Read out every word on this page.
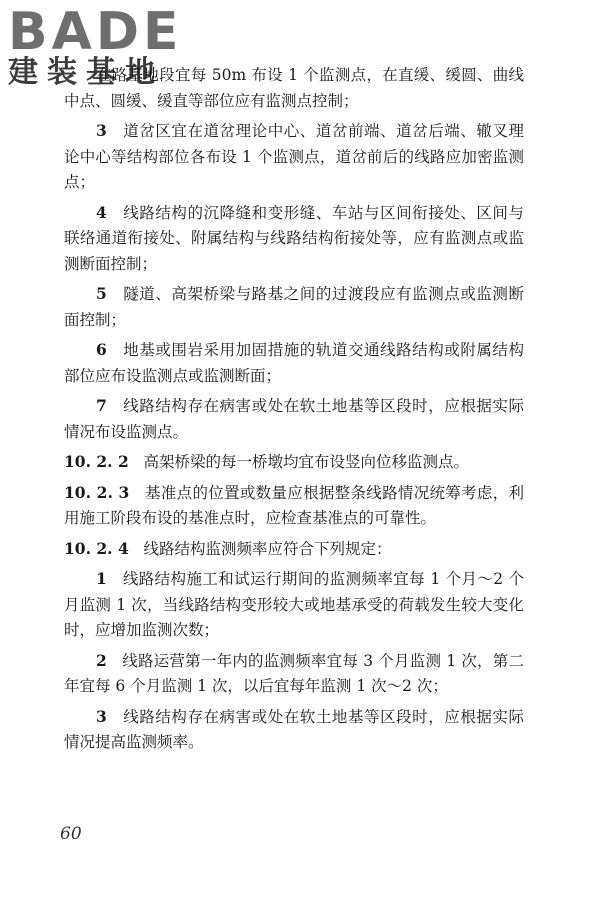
BADE
建装基地

在路基地段宜每 50m 布设 1 个监测点，在直缓、缓圆、曲线中点、圆缓、缓直等部位应有监测点控制；

3 道岔区宜在道岔理论中心、道岔前端、道岔后端、辙叉理论中心等结构部位各布设 1 个监测点，道岔前后的线路应加密监测点；

4 线路结构的沉降缝和变形缝、车站与区间衔接处、区间与联络通道衔接处、附属结构与线路结构衔接处等，应有监测点或监测断面控制；

5 隧道、高架桥梁与路基之间的过渡段应有监测点或监测断面控制；

6 地基或围岩采用加固措施的轨道交通线路结构或附属结构部位应布设监测点或监测断面；

7 线路结构存在病害或处在软土地基等区段时，应根据实际情况布设监测点。

10. 2. 2 高架桥梁的每一桥墩均宜布设竖向位移监测点。

10. 2. 3 基准点的位置或数量应根据整条线路情况统筹考虑，利用施工阶段布设的基准点时，应检查基准点的可靠性。

10. 2. 4 线路结构监测频率应符合下列规定：

1 线路结构施工和试运行期间的监测频率宜每 1 个月～2 个月监测 1 次，当线路结构变形较大或地基承受的荷载发生较大变化时，应增加监测次数；

2 线路运营第一年内的监测频率宜每 3 个月监测 1 次，第二年宜每 6 个月监测 1 次，以后宜每年监测 1 次～2 次；

3 线路结构存在病害或处在软土地基等区段时，应根据实际情况提高监测频率。

60
